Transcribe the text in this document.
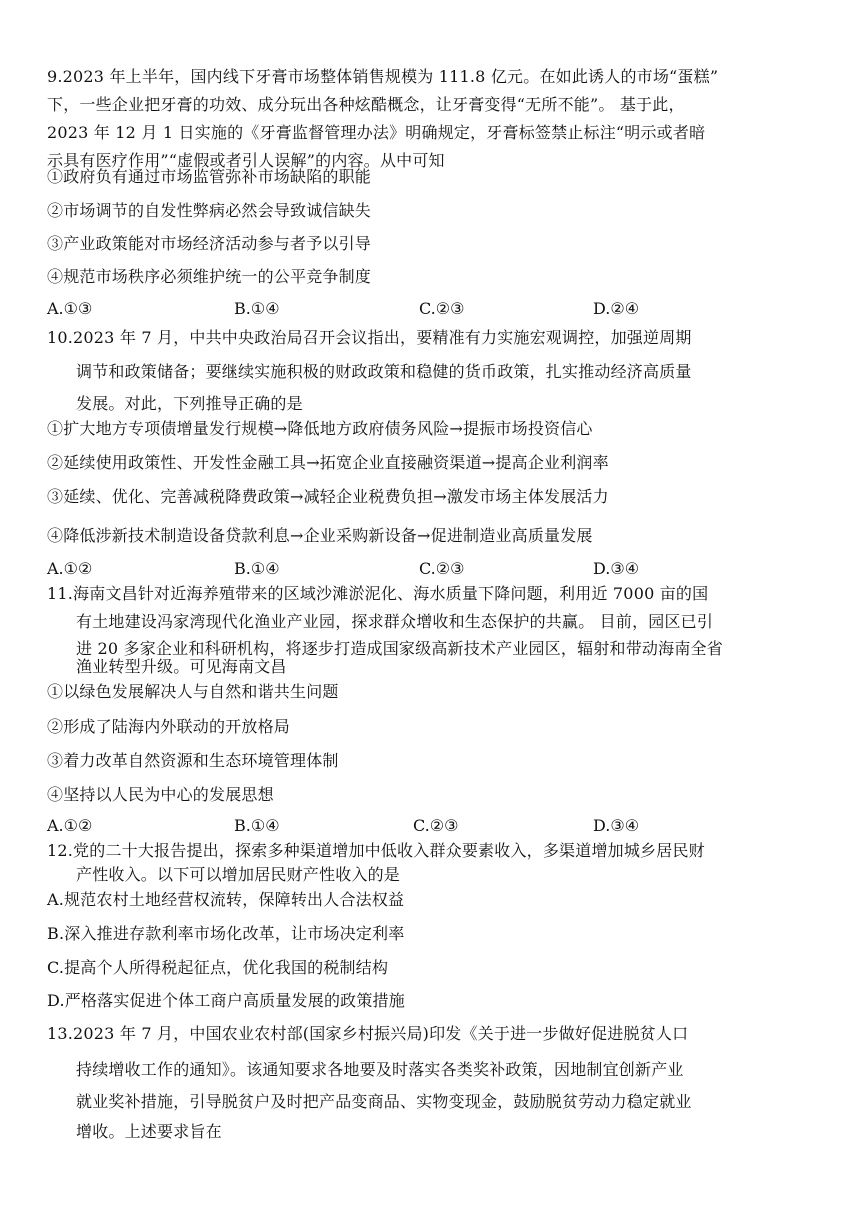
9.2023 年上半年，国内线下牙膏市场整体销售规模为 111.8 亿元。在如此诱人的市场“蛋糕”
下，一些企业把牙膏的功效、成分玩出各种炫酷概念，让牙膏变得“无所不能”。 基于此，
2023 年 12 月 1 日实施的《牙膏监督管理办法》明确规定，牙膏标签禁止标注“明示或者暗
示具有医疗作用”“虚假或者引人误解”的内容。从中可知
①政府负有通过市场监管弥补市场缺陷的职能
②市场调节的自发性弊病必然会导致诚信缺失
③产业政策能对市场经济活动参与者予以引导
④规范市场秩序必须维护统一的公平竞争制度
A.①③	B.①④	C.②③	D.②④
10.2023 年 7 月，中共中央政治局召开会议指出，要精准有力实施宏观调控，加强逆周期
调节和政策储备；要继续实施积极的财政政策和稳健的货币政策，扎实推动经济高质量
发展。对此，下列推导正确的是
①扩大地方专项债增量发行规模→降低地方政府债务风险→提振市场投资信心
②延续使用政策性、开发性金融工具→拓宽企业直接融资渠道→提高企业利润率
③延续、优化、完善减税降费政策→减轻企业税费负担→激发市场主体发展活力
④降低涉新技术制造设备贷款利息→企业采购新设备→促进制造业高质量发展
A.①②	B.①④	C.②③	D.③④
11.海南文昌针对近海养殖带来的区域沙滩淤泥化、海水质量下降问题，利用近 7000 亩的国
有土地建设冯家湾现代化渔业产业园，探求群众增收和生态保护的共赢。 目前，园区已引
进 20 多家企业和科研机构，将逐步打造成国家级高新技术产业园区，辐射和带动海南全省
渔业转型升级。可见海南文昌
①以绿色发展解决人与自然和谐共生问题
②形成了陆海内外联动的开放格局
③着力改革自然资源和生态环境管理体制
④坚持以人民为中心的发展思想
A.①②	B.①④	C.②③	D.③④
12.党的二十大报告提出，探索多种渠道增加中低收入群众要素收入，多渠道增加城乡居民财
产性收入。以下可以增加居民财产性收入的是
A.规范农村土地经营权流转，保障转出人合法权益
B.深入推进存款利率市场化改革，让市场决定利率
C.提高个人所得税起征点，优化我国的税制结构
D.严格落实促进个体工商户高质量发展的政策措施
13.2023 年 7 月，中国农业农村部(国家乡村振兴局)印发《关于进一步做好促进脱贫人口
持续增收工作的通知》。该通知要求各地要及时落实各类奖补政策，因地制宜创新产业
就业奖补措施，引导脱贫户及时把产品变商品、实物变现金，鼓励脱贫劳动力稳定就业
增收。上述要求旨在
